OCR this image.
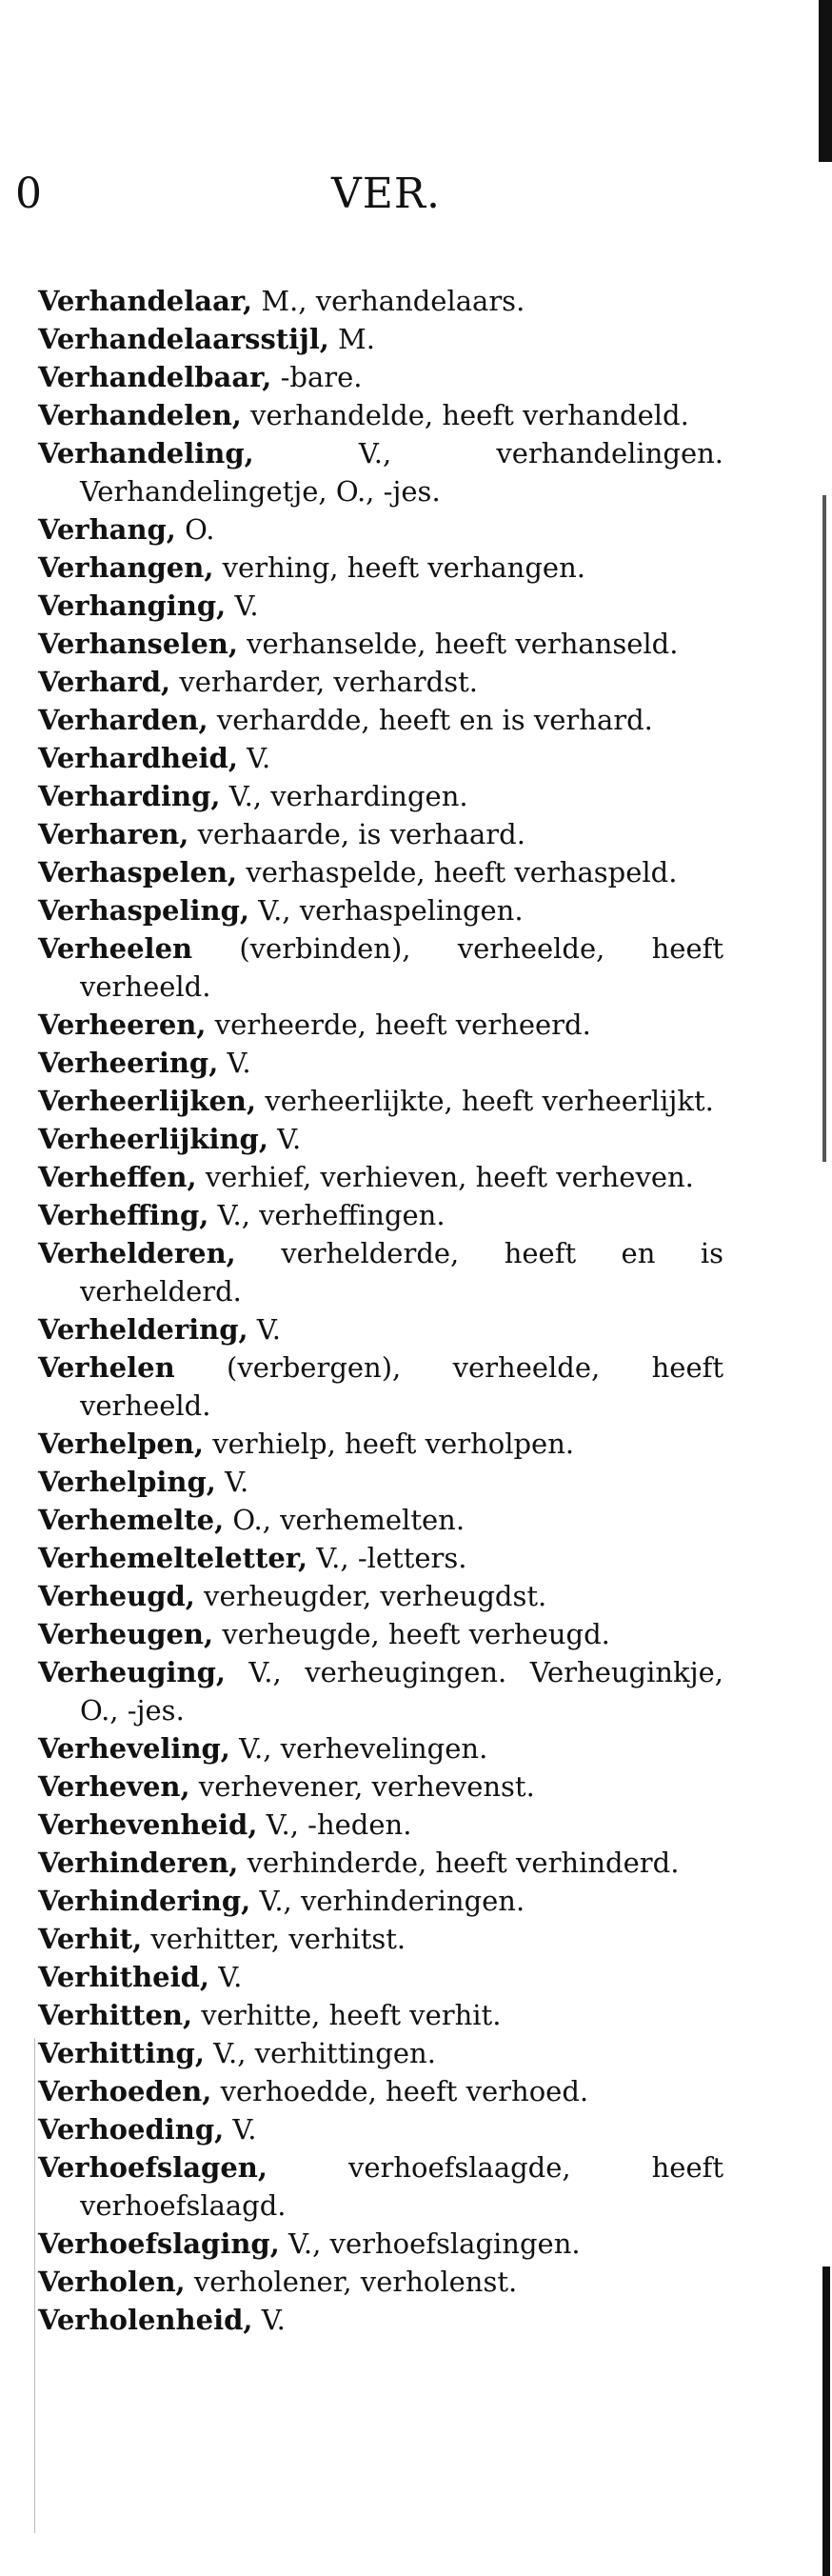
0	VER.
Verhandelaar, M., verhandelaars.
Verhandelaarsstijl, M.
Verhandelbaar, -bare.
Verhandelen, verhandelde, heeft verhandeld.
Verhandeling, V., verhandelingen. Verhandelingetje, O., -jes.
Verhang, O.
Verhangen, verhing, heeft verhangen.
Verhanging, V.
Verhanselen, verhanselde, heeft verhanseld.
Verhard, verharder, verhardst.
Verharden, verhardde, heeft en is verhard.
Verhardheid, V.
Verharding, V., verhardingen.
Verharen, verhaarde, is verhaard.
Verhaspelen, verhaspelde, heeft verhaspeld.
Verhaspeling, V., verhaspelingen.
Verheelen (verbinden), verheelde, heeft verheeld.
Verheeren, verheerde, heeft verheerd.
Verheering, V.
Verheerlijken, verheerlijkte, heeft verheerlijkt.
Verheerlijking, V.
Verheffen, verhief, verhieven, heeft verheven.
Verheffing, V., verheffingen.
Verhelderen, verhelderde, heeft en is verhelderd.
Verheldering, V.
Verhelen (verbergen), verheelde, heeft verheeld.
Verhelpen, verhielp, heeft verholpen.
Verhelping, V.
Verhemelte, O., verhemelten.
Verhemelteletter, V., -letters.
Verheugd, verheugder, verheugdst.
Verheugen, verheugde, heeft verheugd.
Verheuging, V., verheugingen. Verheuginkje, O., -jes.
Verheveling, V., verhevelingen.
Verheven, verhevener, verhevenst.
Verhevenheid, V., -heden.
Verhinderen, verhinderde, heeft verhinderd.
Verhindering, V., verhinderingen.
Verhit, verhitter, verhitst.
Verhitheid, V.
Verhitten, verhitte, heeft verhit.
Verhitting, V., verhittingen.
Verhoeden, verhoedde, heeft verhoed.
Verhoeding, V.
Verhoefslagen, verhoefslaagde, heeft verhoefslaagd.
Verhoefslaging, V., verhoefslagingen.
Verholen, verholener, verholenst.
Verholenheid, V.
